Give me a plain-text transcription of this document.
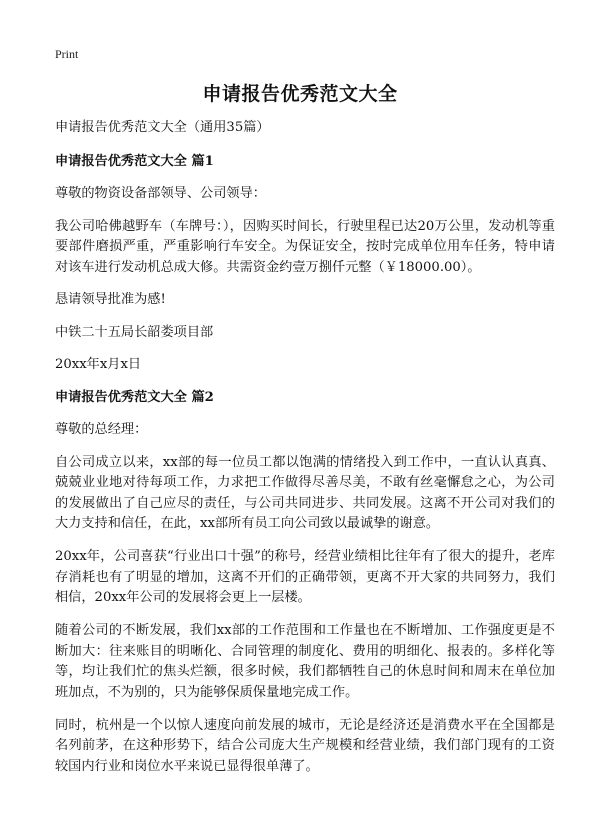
Print
申请报告优秀范文大全

申请报告优秀范文大全（通用35篇）

申请报告优秀范文大全 篇1

尊敬的物资设备部领导、公司领导：

我公司哈佛越野车（车牌号：），因购买时间长，行驶里程已达20万公里，发动机等重要部件磨损严重，严重影响行车安全。为保证安全，按时完成单位用车任务，特申请对该车进行发动机总成大修。共需资金约壹万捌仟元整（￥18000.00）。

恳请领导批准为感!

中铁二十五局长韶娄项目部

20xx年x月x日

申请报告优秀范文大全 篇2

尊敬的总经理：

自公司成立以来，xx部的每一位员工都以饱满的情绪投入到工作中，一直认认真真、兢兢业业地对待每项工作，力求把工作做得尽善尽美，不敢有丝毫懈怠之心，为公司的发展做出了自己应尽的责任，与公司共同进步、共同发展。这离不开公司对我们的大力支持和信任，在此，xx部所有员工向公司致以最诚挚的谢意。

20xx年，公司喜获“行业出口十强”的称号，经营业绩相比往年有了很大的提升，老库存消耗也有了明显的增加，这离不开们的正确带领，更离不开大家的共同努力，我们相信，20xx年公司的发展将会更上一层楼。

随着公司的不断发展，我们xx部的工作范围和工作量也在不断增加、工作强度更是不断加大：往来账目的明晰化、合同管理的制度化、费用的明细化、报表的。多样化等等，均让我们忙的焦头烂额，很多时候，我们都牺牲自己的休息时间和周末在单位加班加点，不为别的，只为能够保质保量地完成工作。

同时，杭州是一个以惊人速度向前发展的城市，无论是经济还是消费水平在全国都是名列前茅，在这种形势下，结合公司庞大生产规模和经营业绩，我们部门现有的工资较国内行业和岗位水平来说已显得很单薄了。
